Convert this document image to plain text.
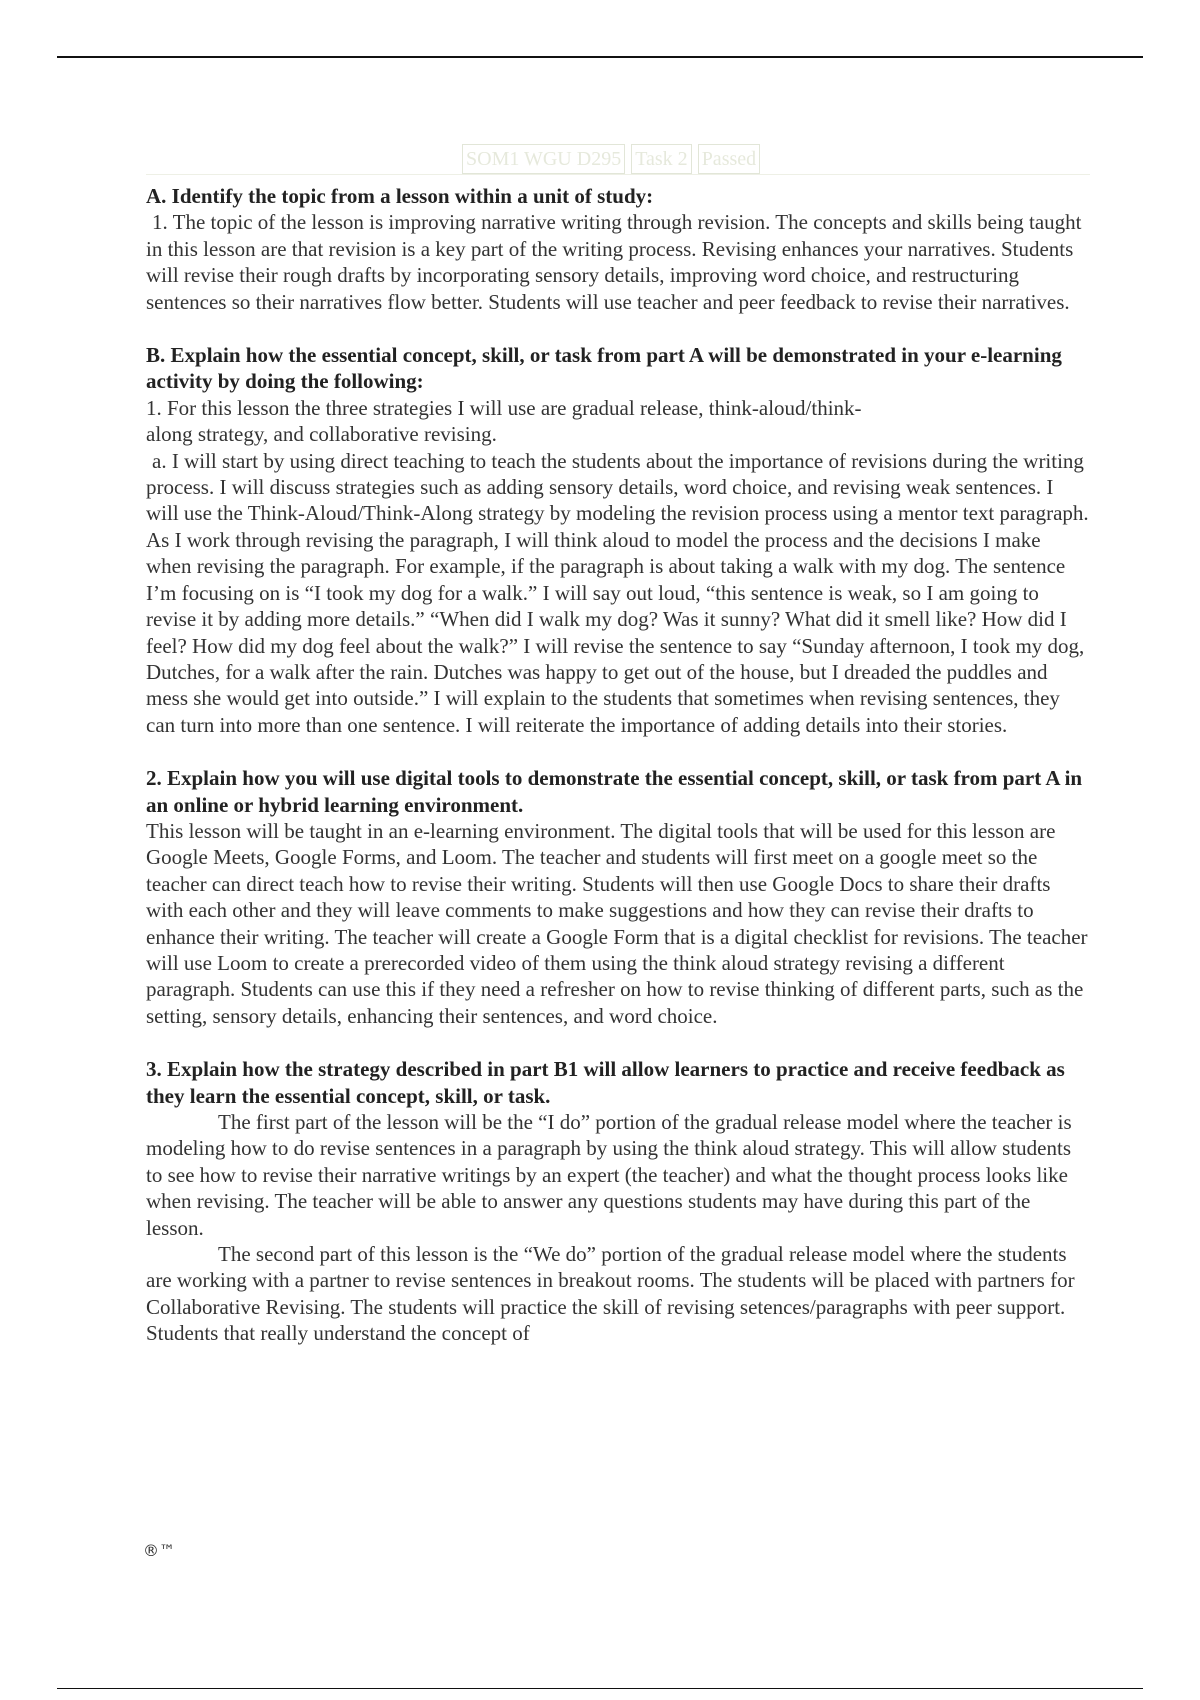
SOM1 WGU D295 Task 2 Passed

A. Identify the topic from a lesson within a unit of study:

1. The topic of the lesson is improving narrative writing through revision. The concepts and skills being taught in this lesson are that revision is a key part of the writing process. Revising enhances your narratives. Students will revise their rough drafts by incorporating sensory details, improving word choice, and restructuring sentences so their narratives flow better. Students will use teacher and peer feedback to revise their narratives.

B. Explain how the essential concept, skill, or task from part A will be demonstrated in your e-learning activity by doing the following:

1. For this lesson the three strategies I will use are gradual release, think-aloud/think-

along strategy, and collaborative revising.

a. I will start by using direct teaching to teach the students about the importance of revisions during the writing process. I will discuss strategies such as adding sensory details, word choice, and revising weak sentences. I will use the Think-Aloud/Think-Along strategy by modeling the revision process using a mentor text paragraph. As I work through revising the paragraph, I will think aloud to model the process and the decisions I make when revising the paragraph. For example, if the paragraph is about taking a walk with my dog. The sentence I’m focusing on is “I took my dog for a walk.” I will say out loud, “this sentence is weak, so I am going to revise it by adding more details.” “When did I walk my dog? Was it sunny? What did it smell like? How did I feel? How did my dog feel about the walk?” I will revise the sentence to say “Sunday afternoon, I took my dog, Dutches, for a walk after the rain. Dutches was happy to get out of the house, but I dreaded the puddles and mess she would get into outside.” I will explain to the students that sometimes when revising sentences, they can turn into more than one sentence. I will reiterate the importance of adding details into their stories.

2. Explain how you will use digital tools to demonstrate the essential concept, skill, or task from part A in an online or hybrid learning environment.

This lesson will be taught in an e-learning environment. The digital tools that will be used for this lesson are Google Meets, Google Forms, and Loom. The teacher and students will first meet on a google meet so the teacher can direct teach how to revise their writing. Students will then use Google Docs to share their drafts with each other and they will leave comments to make suggestions and how they can revise their drafts to enhance their writing. The teacher will create a Google Form that is a digital checklist for revisions. The teacher will use Loom to create a prerecorded video of them using the think aloud strategy revising a different paragraph. Students can use this if they need a refresher on how to revise thinking of different parts, such as the setting, sensory details, enhancing their sentences, and word choice.

3. Explain how the strategy described in part B1 will allow learners to practice and receive feedback as they learn the essential concept, skill, or task.

The first part of the lesson will be the “I do” portion of the gradual release model where the teacher is modeling how to do revise sentences in a paragraph by using the think aloud strategy. This will allow students to see how to revise their narrative writings by an expert (the teacher) and what the thought process looks like when revising. The teacher will be able to answer any questions students may have during this part of the lesson.

The second part of this lesson is the “We do” portion of the gradual release model where the students are working with a partner to revise sentences in breakout rooms. The students will be placed with partners for Collaborative Revising. The students will practice the skill of revising setences/paragraphs with peer support. Students that really understand the concept of

®™
